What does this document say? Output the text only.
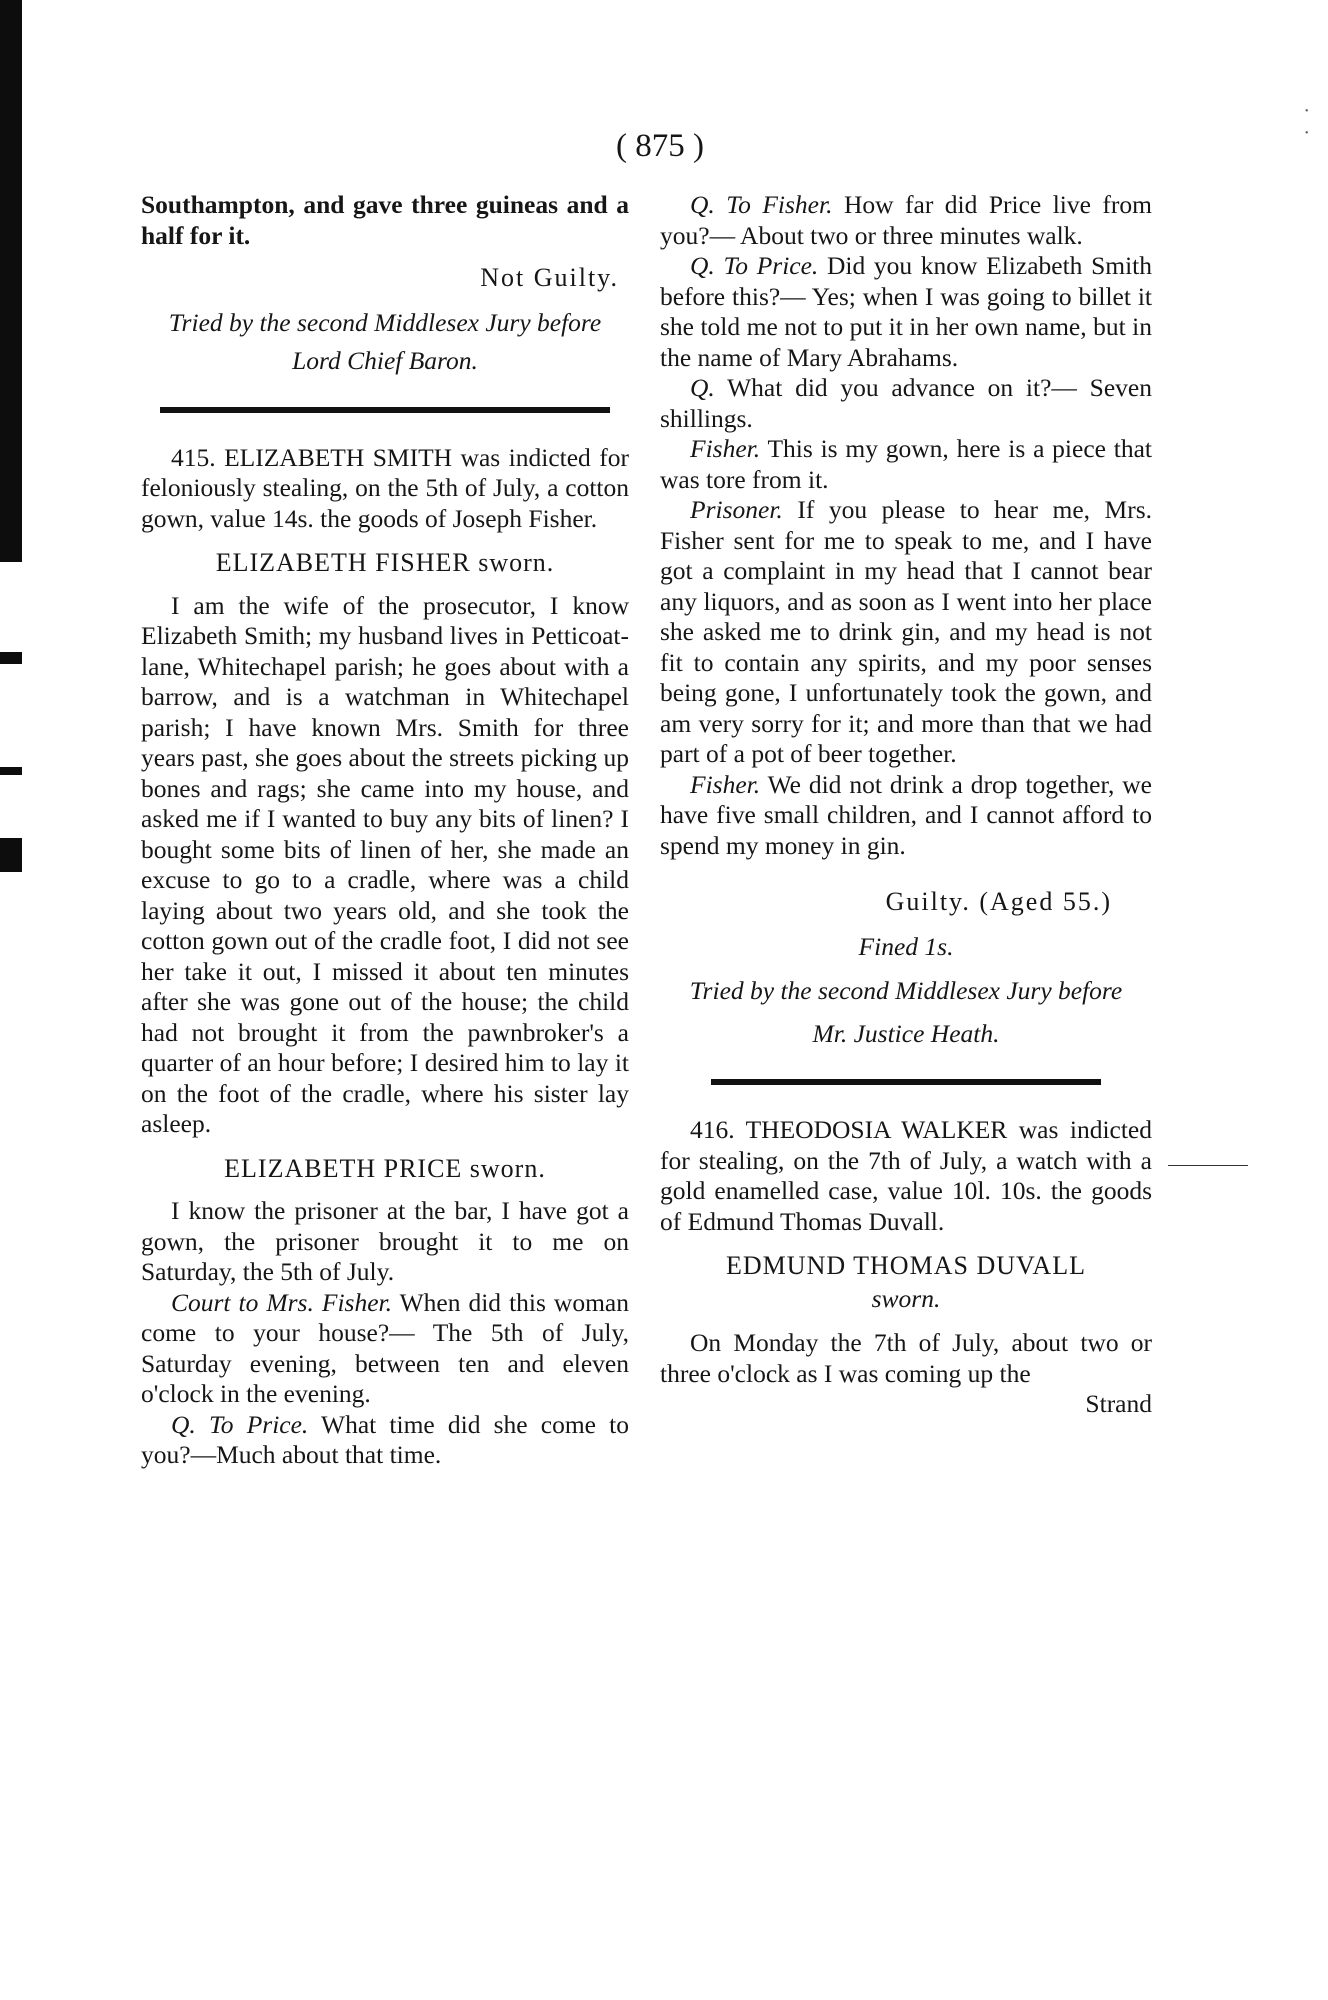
·
·
( 875 )

Southampton, and gave three guineas and a half for it.

Not Guilty.

Tried by the second Middlesex Jury before

Lord Chief Baron.

415. ELIZABETH SMITH was indicted for feloniously stealing, on the 5th of July, a cotton gown, value 14s. the goods of Joseph Fisher.

ELIZABETH FISHER sworn.

I am the wife of the prosecutor, I know Elizabeth Smith; my husband lives in Petticoat-lane, Whitechapel parish; he goes about with a barrow, and is a watchman in Whitechapel parish; I have known Mrs. Smith for three years past, she goes about the streets picking up bones and rags; she came into my house, and asked me if I wanted to buy any bits of linen? I bought some bits of linen of her, she made an excuse to go to a cradle, where was a child laying about two years old, and she took the cotton gown out of the cradle foot, I did not see her take it out, I missed it about ten minutes after she was gone out of the house; the child had not brought it from the pawnbroker's a quarter of an hour before; I desired him to lay it on the foot of the cradle, where his sister lay asleep.

ELIZABETH PRICE sworn.

I know the prisoner at the bar, I have got a gown, the prisoner brought it to me on Saturday, the 5th of July.

Court to Mrs. Fisher. When did this woman come to your house?— The 5th of July, Saturday evening, between ten and eleven o'clock in the evening.

Q. To Price. What time did she come to you?—Much about that time.

Q. To Fisher. How far did Price live from you?— About two or three minutes walk.

Q. To Price. Did you know Elizabeth Smith before this?— Yes; when I was going to billet it she told me not to put it in her own name, but in the name of Mary Abrahams.

Q. What did you advance on it?— Seven shillings.

Fisher. This is my gown, here is a piece that was tore from it.

Prisoner. If you please to hear me, Mrs. Fisher sent for me to speak to me, and I have got a complaint in my head that I cannot bear any liquors, and as soon as I went into her place she asked me to drink gin, and my head is not fit to contain any spirits, and my poor senses being gone, I unfortunately took the gown, and am very sorry for it; and more than that we had part of a pot of beer together.

Fisher. We did not drink a drop together, we have five small children, and I cannot afford to spend my money in gin.

Guilty. (Aged 55.)

Fined 1s.

Tried by the second Middlesex Jury before

Mr. Justice Heath.

416. THEODOSIA WALKER was indicted for stealing, on the 7th of July, a watch with a gold enamelled case, value 10l. 10s. the goods of Edmund Thomas Duvall.

EDMUND THOMAS DUVALL

sworn.

On Monday the 7th of July, about two or three o'clock as I was coming up the

Strand
